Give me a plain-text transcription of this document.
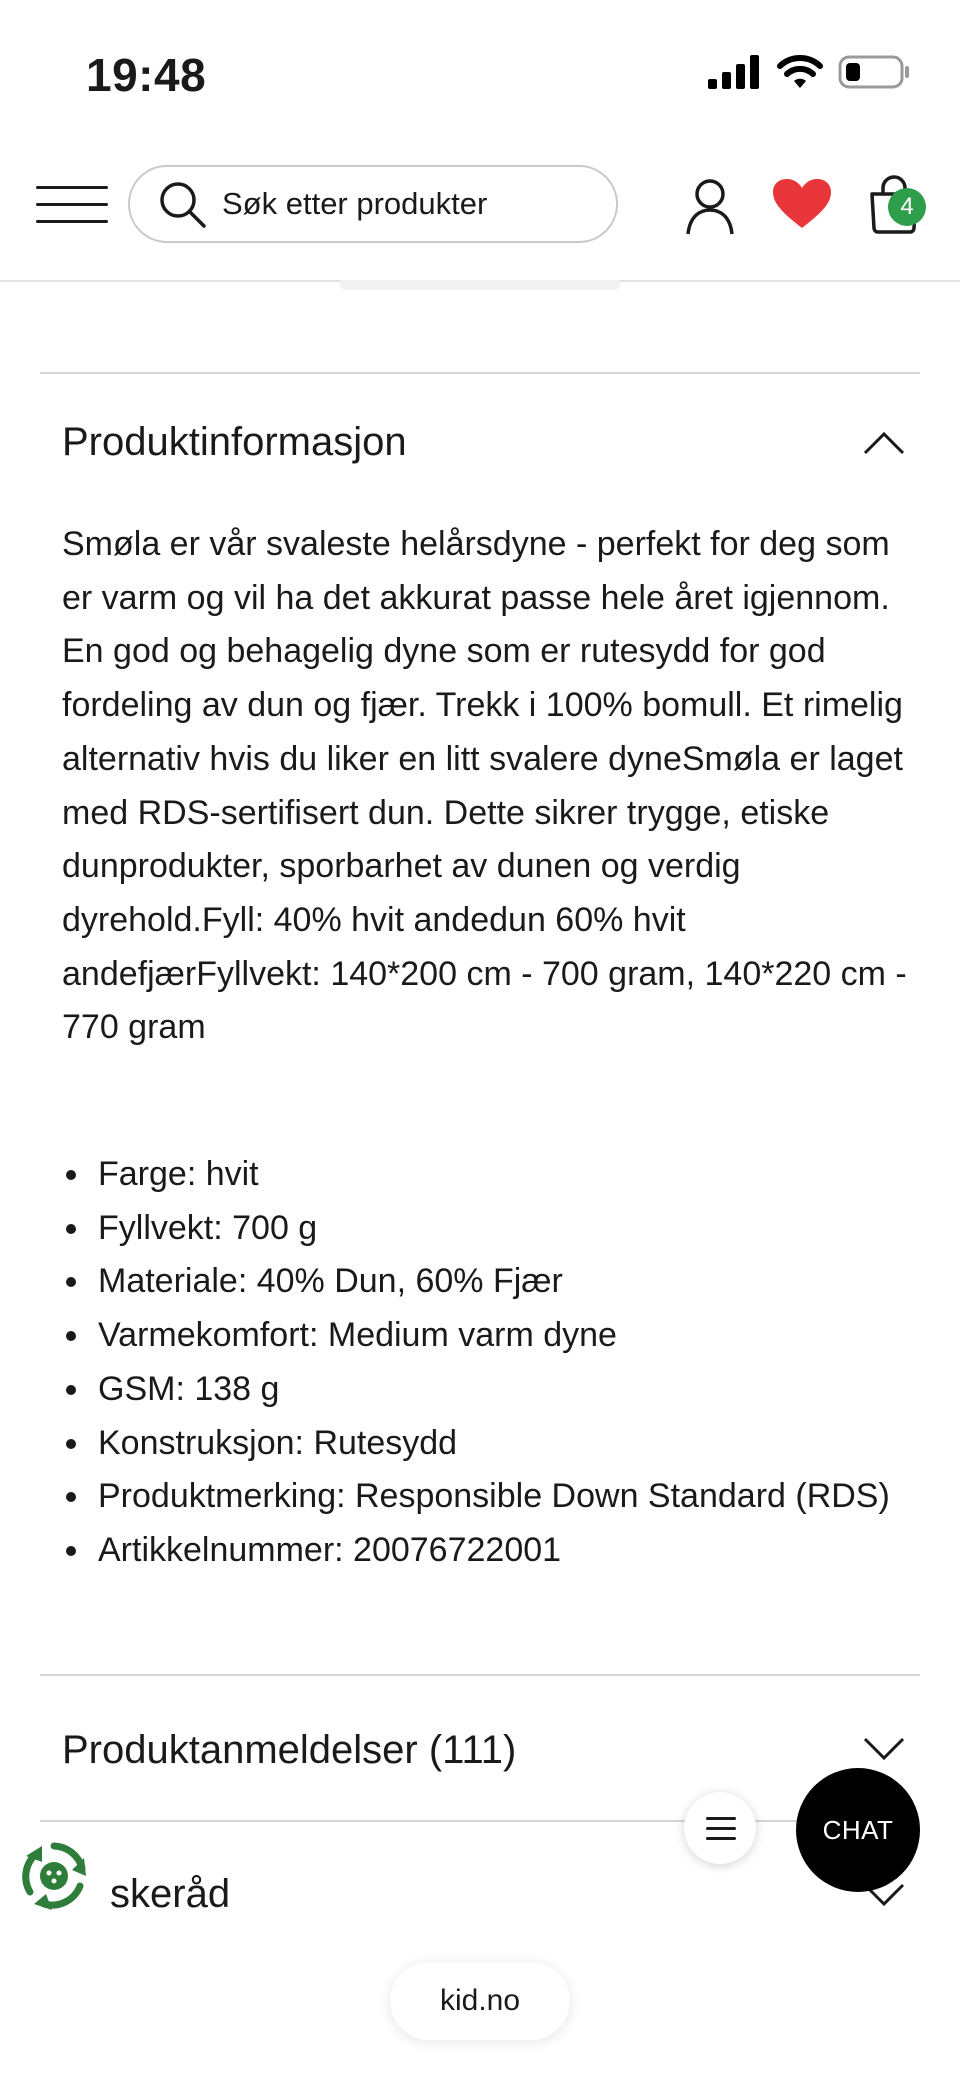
19:48
Søk etter produkter
4
Produktinformasjon

Smøla er vår svaleste helårsdyne - perfekt for deg som er varm og vil ha det akkurat passe hele året igjennom. En god og behagelig dyne som er rutesydd for god fordeling av dun og fjær. Trekk i 100% bomull. Et rimelig alternativ hvis du liker en litt svalere dyneSmøla er laget med RDS-sertifisert dun. Dette sikrer trygge, etiske dunprodukter, sporbarhet av dunen og verdig dyrehold.Fyll: 40% hvit andedun 60% hvit andefjærFyllvekt: 140*200 cm - 700 gram, 140*220 cm - 770 gram

Farge: hvit
Fyllvekt: 700 g
Materiale: 40% Dun, 60% Fjær
Varmekomfort: Medium varm dyne
GSM: 138 g
Konstruksjon: Rutesydd
Produktmerking: Responsible Down Standard (RDS)
Artikkelnummer: 20076722001
Produktanmeldelser (111)
skeråd
CHAT
kid.no
